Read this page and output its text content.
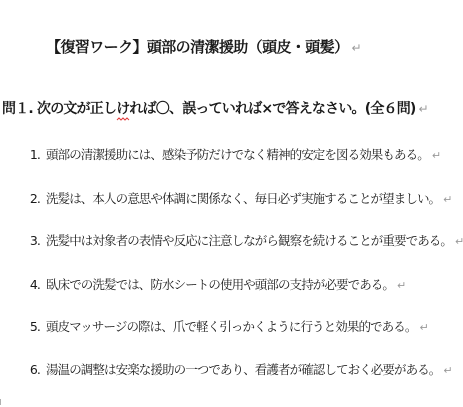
【復習ワーク】頭部の清潔援助（頭皮・頭髪） ↵
問１. 次の文が正しければ〇、誤っていれば×で答えなさい。(全６問) ↵
1. 頭部の清潔援助には、感染予防だけでなく精神的安定を図る効果もある。 ↵
2. 洗髪は、本人の意思や体調に関係なく、毎日必ず実施することが望ましい。 ↵
3. 洗髪中は対象者の表情や反応に注意しながら観察を続けることが重要である。 ↵
4. 臥床での洗髪では、防水シートの使用や頭部の支持が必要である。 ↵
5. 頭皮マッサージの際は、爪で軽く引っかくように行うと効果的である。 ↵
6. 湯温の調整は安楽な援助の一つであり、看護者が確認しておく必要がある。 ↵
